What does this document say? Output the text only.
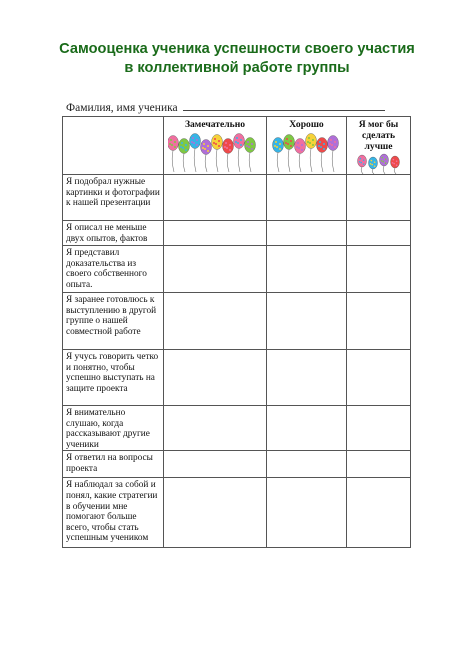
Самооценка ученика успешности своего участия
в коллективной работе группы
Фамилия, имя ученика

	Замечательно	Хорошо	Я мог бы сделать лучше

Я подобрал нужные картинки и фотографии к нашей презентации			
Я описал не меньше двух опытов, фактов			
Я представил доказательства из своего собственного опыта.			
Я заранее готовлюсь к выступлению в другой группе о нашей совместной работе			
Я учусь говорить четко и понятно, чтобы успешно выступать на защите проекта			
Я внимательно слушаю, когда рассказывают другие ученики			
Я ответил на вопросы проекта			
Я наблюдал за собой и понял, какие стратегии в обучении мне помогают больше всего, чтобы стать успешным учеником			
